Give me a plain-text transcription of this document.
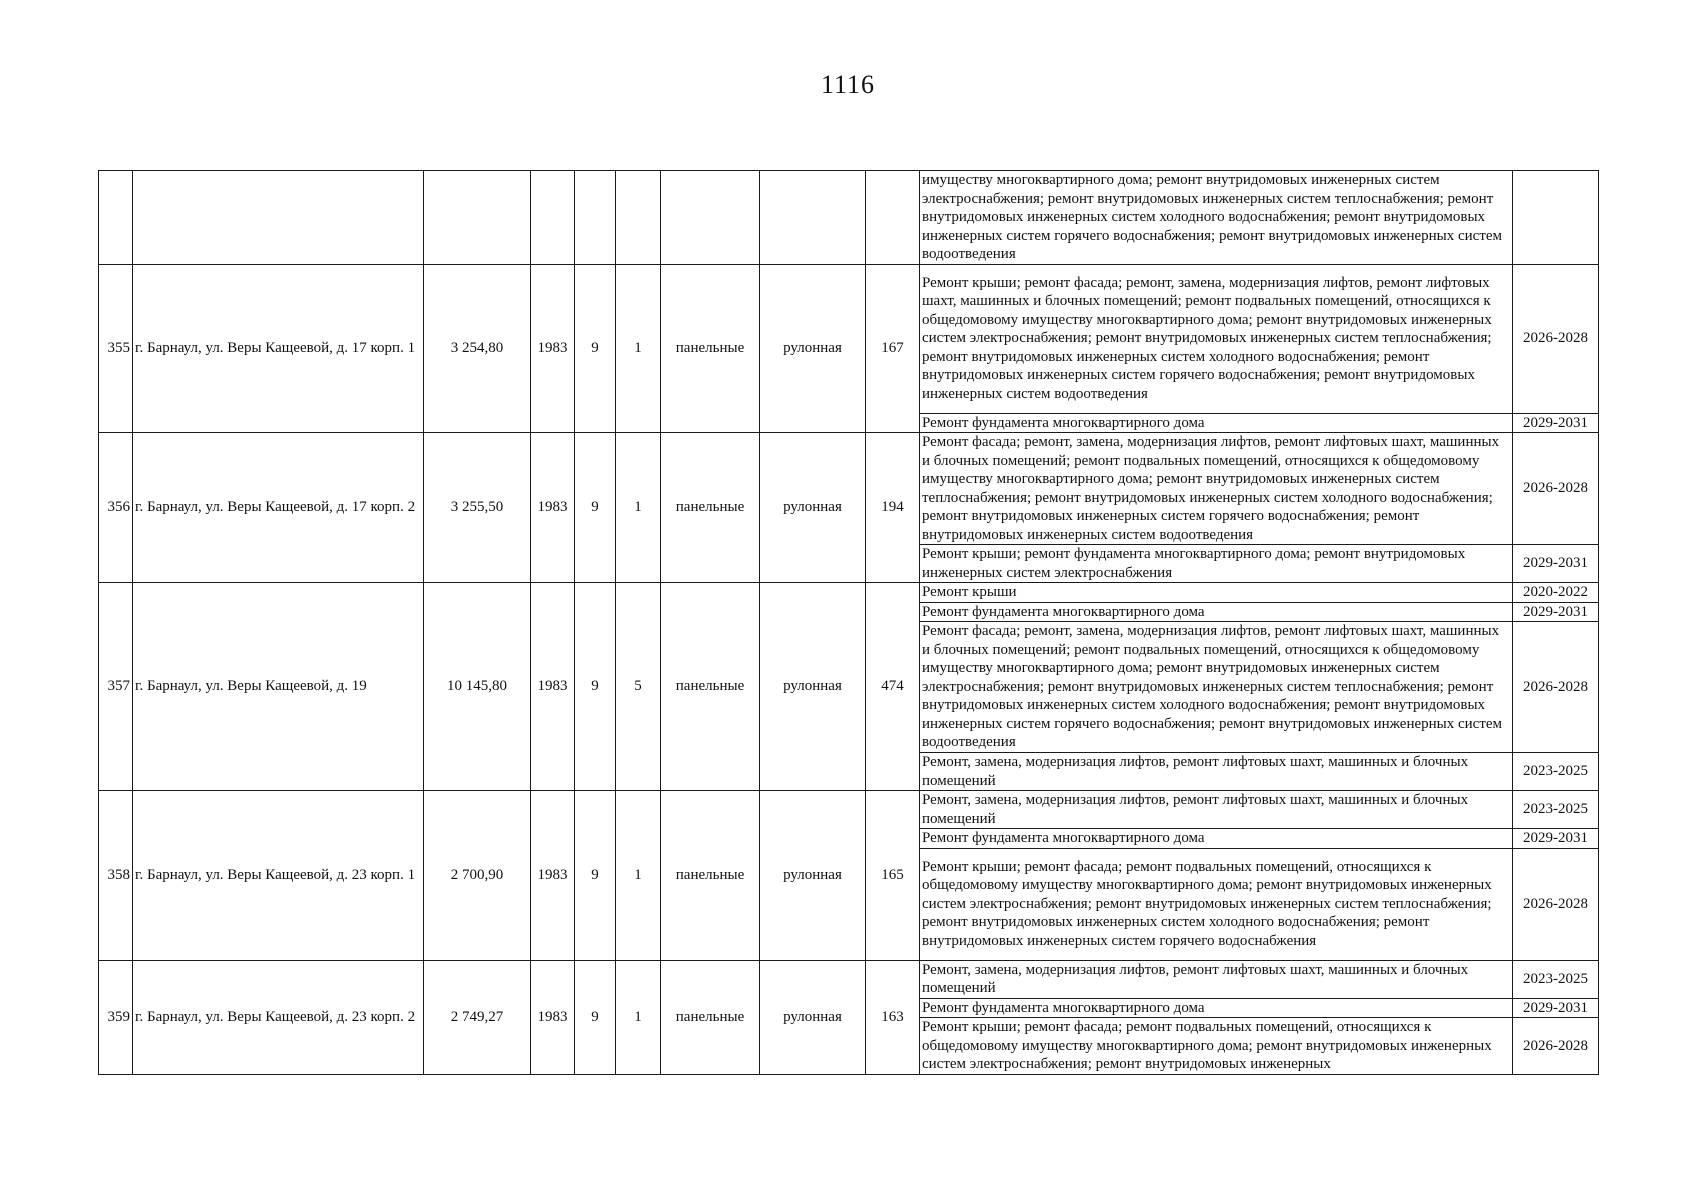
1116
									имуществу многоквартирного дома; ремонт внутридомовых инженерных систем электроснабжения; ремонт внутридомовых инженерных систем теплоснабжения; ремонт внутридомовых инженерных систем холодного водоснабжения; ремонт внутридомовых инженерных систем горячего водоснабжения; ремонт внутридомовых инженерных систем водоотведения	
355	г. Барнаул, ул. Веры Кащеевой, д. 17 корп. 1	3 254,80	1983	9	1	панельные	рулонная	167	Ремонт крыши; ремонт фасада; ремонт, замена, модернизация лифтов, ремонт лифтовых шахт, машинных и блочных помещений; ремонт подвальных помещений, относящихся к общедомовому имуществу многоквартирного дома; ремонт внутридомовых инженерных систем электроснабжения; ремонт внутридомовых инженерных систем теплоснабжения; ремонт внутридомовых инженерных систем холодного водоснабжения; ремонт внутридомовых инженерных систем горячего водоснабжения; ремонт внутридомовых инженерных систем водоотведения	2026-2028
									Ремонт фундамента многоквартирного дома	2029-2031
356	г. Барнаул, ул. Веры Кащеевой, д. 17 корп. 2	3 255,50	1983	9	1	панельные	рулонная	194	Ремонт фасада; ремонт, замена, модернизация лифтов, ремонт лифтовых шахт, машинных и блочных помещений; ремонт подвальных помещений, относящихся к общедомовому имуществу многоквартирного дома; ремонт внутридомовых инженерных систем теплоснабжения; ремонт внутридомовых инженерных систем холодного водоснабжения; ремонт внутридомовых инженерных систем горячего водоснабжения; ремонт внутридомовых инженерных систем водоотведения	2026-2028
									Ремонт крыши; ремонт фундамента многоквартирного дома; ремонт внутридомовых инженерных систем электроснабжения	2029-2031
357	г. Барнаул, ул. Веры Кащеевой, д. 19	10 145,80	1983	9	5	панельные	рулонная	474	Ремонт крыши	2020-2022
									Ремонт фундамента многоквартирного дома	2029-2031
									Ремонт фасада; ремонт, замена, модернизация лифтов, ремонт лифтовых шахт, машинных и блочных помещений; ремонт подвальных помещений, относящихся к общедомовому имуществу многоквартирного дома; ремонт внутридомовых инженерных систем электроснабжения; ремонт внутридомовых инженерных систем теплоснабжения; ремонт внутридомовых инженерных систем холодного водоснабжения; ремонт внутридомовых инженерных систем горячего водоснабжения; ремонт внутридомовых инженерных систем водоотведения	2026-2028
									Ремонт, замена, модернизация лифтов, ремонт лифтовых шахт, машинных и блочных помещений	2023-2025
358	г. Барнаул, ул. Веры Кащеевой, д. 23 корп. 1	2 700,90	1983	9	1	панельные	рулонная	165	Ремонт, замена, модернизация лифтов, ремонт лифтовых шахт, машинных и блочных помещений	2023-2025
									Ремонт фундамента многоквартирного дома	2029-2031
									Ремонт крыши; ремонт фасада; ремонт подвальных помещений, относящихся к общедомовому имуществу многоквартирного дома; ремонт внутридомовых инженерных систем электроснабжения; ремонт внутридомовых инженерных систем теплоснабжения; ремонт внутридомовых инженерных систем холодного водоснабжения; ремонт внутридомовых инженерных систем горячего водоснабжения	2026-2028
359	г. Барнаул, ул. Веры Кащеевой, д. 23 корп. 2	2 749,27	1983	9	1	панельные	рулонная	163	Ремонт, замена, модернизация лифтов, ремонт лифтовых шахт, машинных и блочных помещений	2023-2025
									Ремонт фундамента многоквартирного дома	2029-2031
									Ремонт крыши; ремонт фасада; ремонт подвальных помещений, относящихся к общедомовому имуществу многоквартирного дома; ремонт внутридомовых инженерных систем электроснабжения; ремонт внутридомовых инженерных	2026-2028
